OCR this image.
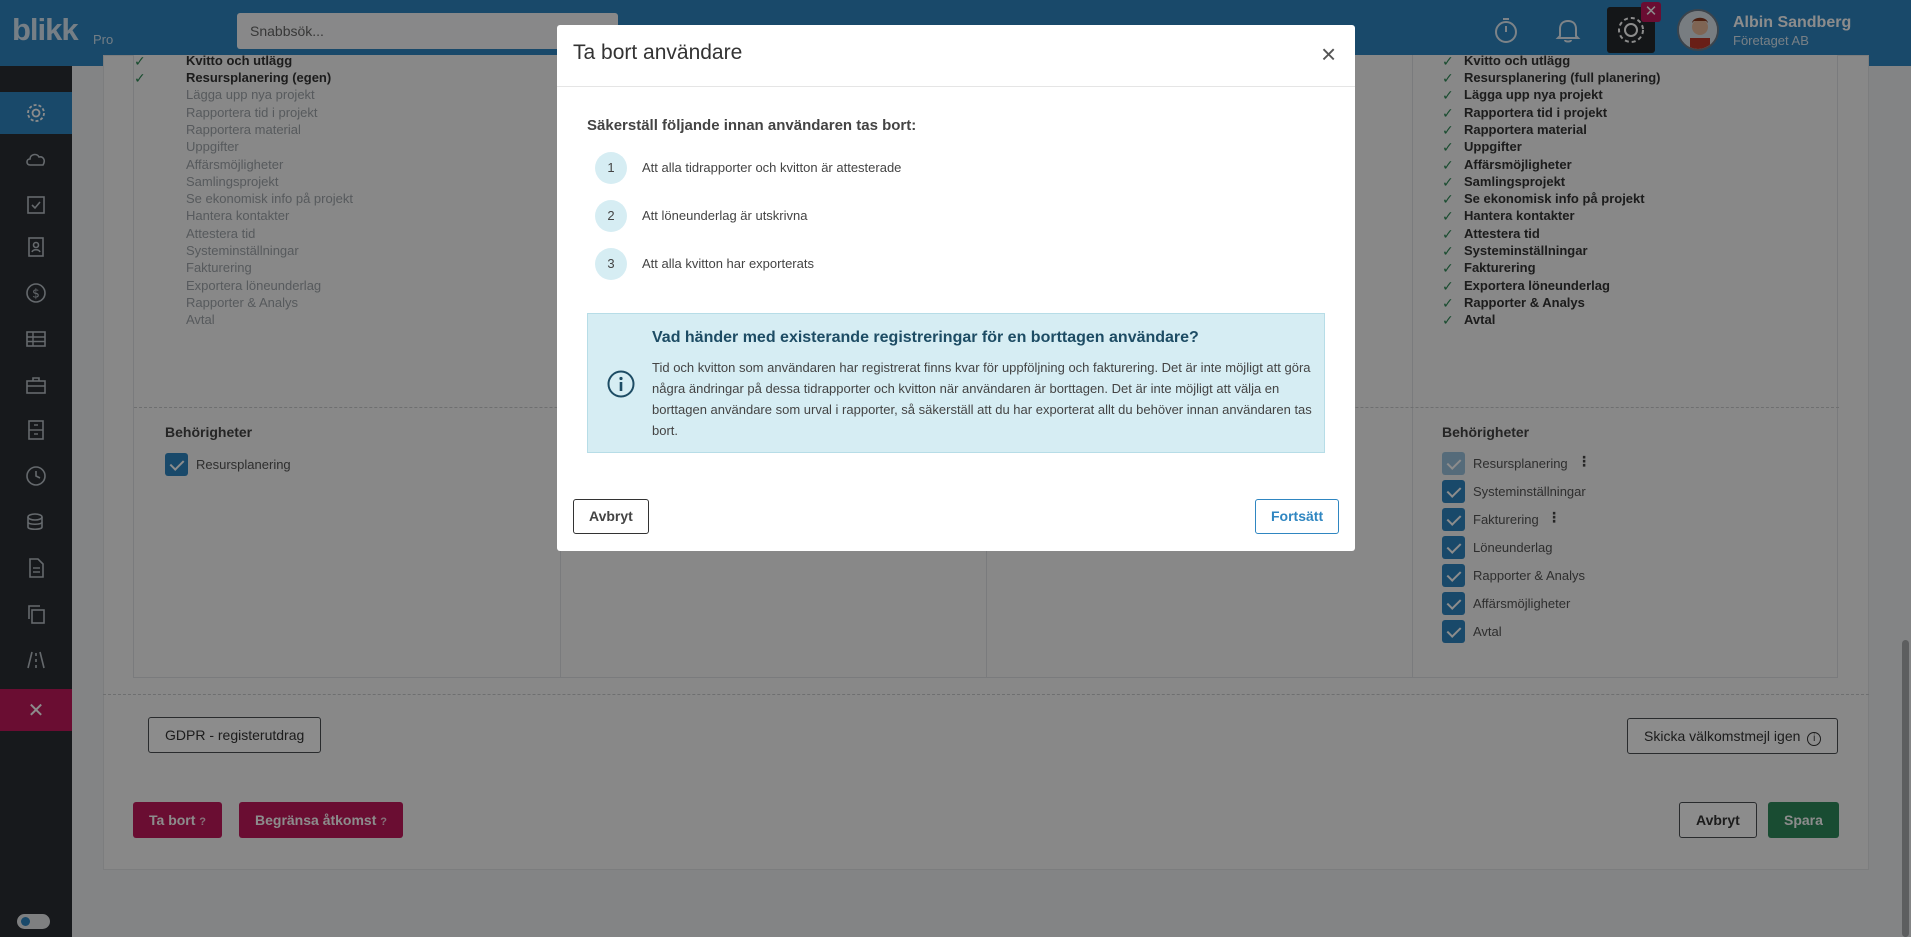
blikk Pro
Snabbsök...
✕
Albin Sandberg
Företaget AB
$
✕
✓	Kvitto och utlägg
✓	Resursplanering (egen)
Lägga upp nya projekt
Rapportera tid i projekt
Rapportera material
Uppgifter
Affärsmöjligheter
Samlingsprojekt
Se ekonomisk info på projekt
Hantera kontakter
Attestera tid
Systeminställningar
Fakturering
Exportera löneunderlag
Rapporter & Analys
Avtal
✓ Kvitto och utlägg
✓ Resursplanering (full planering)
✓ Lägga upp nya projekt
✓ Rapportera tid i projekt
✓ Rapportera material
✓ Uppgifter
✓ Affärsmöjligheter
✓ Samlingsprojekt
✓ Se ekonomisk info på projekt
✓ Hantera kontakter
✓ Attestera tid
✓ Systeminställningar
✓ Fakturering
✓ Exportera löneunderlag
✓ Rapporter & Analys
✓ Avtal
Behörigheter	Behörigheter
Resursplanering	Resursplanering ⋮
Systeminställningar
Fakturering ⋮
Löneunderlag
Rapporter & Analys
Affärsmöjligheter
Avtal
GDPR - registerutdrag	Skicka välkomstmejl igen i
Ta bort ?	Begränsa åtkomst ?	Avbryt	Spara
Ta bort användare	×
Säkerställ följande innan användaren tas bort:
1	Att alla tidrapporter och kvitton är attesterade
2	Att löneunderlag är utskrivna
3	Att alla kvitton har exporterats
Vad händer med existerande registreringar för en borttagen användare?
Tid och kvitton som användaren har registrerat finns kvar för uppföljning och fakturering. Det är inte möjligt att göra några ändringar på dessa tidrapporter och kvitton när användaren är borttagen. Det är inte möjligt att välja en borttagen användare som urval i rapporter, så säkerställ att du har exporterat allt du behöver innan användaren tas bort.
Avbryt	Fortsätt
